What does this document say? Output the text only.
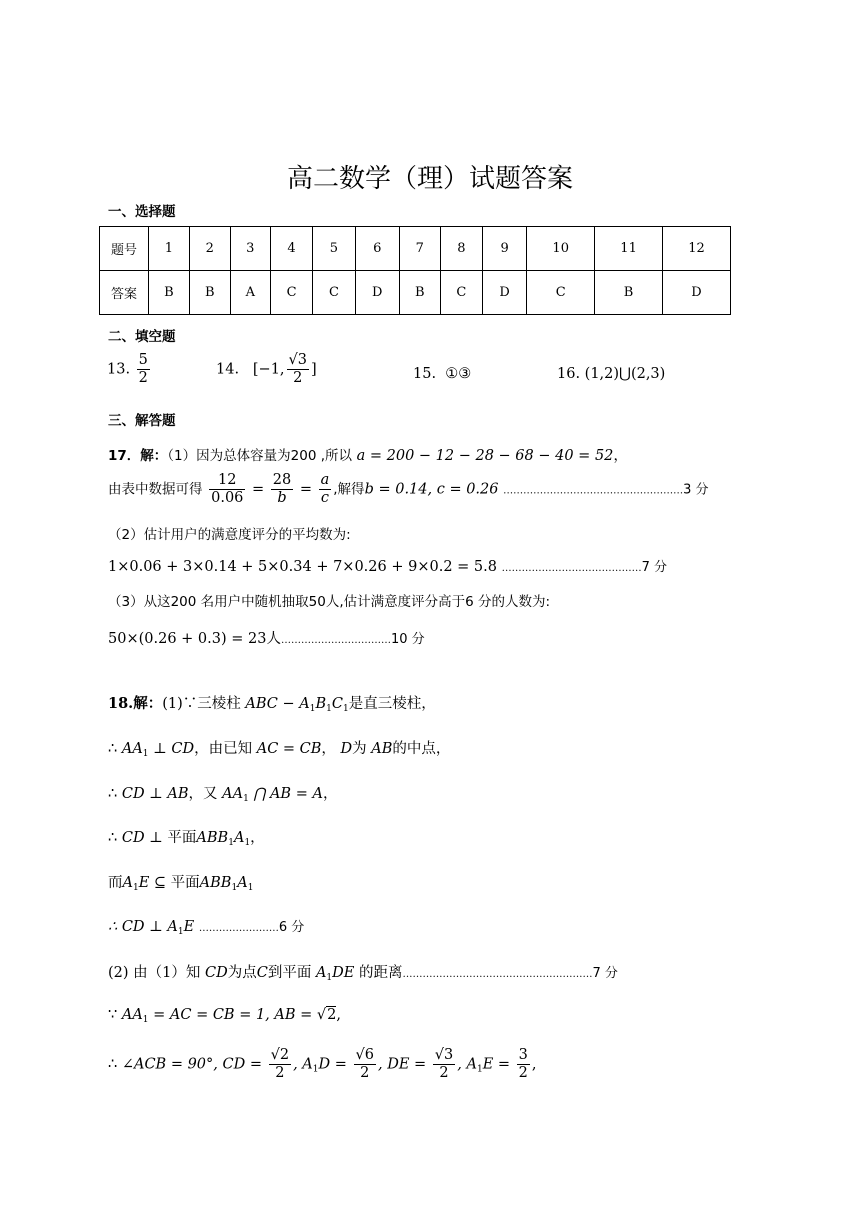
高二数学（理）试题答案
一、选择题
题号	1	2	3	4	5	6	7	8	9	10	11	12
答案	B	B	A	C	C	D	B	C	D	C	B	D
二、填空题
13. $\frac{5}{2}$	14. [−1, $\frac{√3}{2}$ ]	15. ①③	16. (1,2)⋃(2,3)
三、解答题
17．解：（1）因为总体容量为200 ,所以 a = 200 − 12 − 28 − 68 − 40 = 52，
由表中数据可得 $\frac{12}{0.06} = \frac{28}{b} = \frac{a}{c}$ ,解得b = 0.14, c = 0.26 ………………………………………………3 分
（2）估计用户的满意度评分的平均数为:
1×0.06 + 3×0.14 + 5×0.34 + 7×0.26 + 9×0.2 = 5.8 ……………………………………7 分
（3）从这200 名用户中随机抽取50人,估计满意度评分高于6 分的人数为:
50×(0.26 + 0.3) = 23人……………………………10 分
18.解：(1)∵三棱柱 ABC − $A_1B_1C_1$是直三棱柱，
∴ $AA_1$ ⊥ CD，由已知 AC = CB， D为 AB的中点，
∴ CD ⊥ AB，又 $AA_1$ ⋂ AB = A，
∴ CD ⊥ 平面$ABB_1A_1$，
而$A_1E$ ⊆ 平面$ABB_1A_1$
∴ CD ⊥ $A_1E$ ……………………6 分
(2) 由（1）知 CD为点C到平面 $A_1DE$ 的距离…………………………………………………7 分
∵ $AA_1$ = AC = CB = 1, AB = √2,
∴ ∠ACB = 90°, CD = $\frac{√2}{2}$ , $A_1D = \frac{√6}{2}$ , DE = $\frac{√3}{2}$ , $A_1E = \frac{3}{2}$ ,
